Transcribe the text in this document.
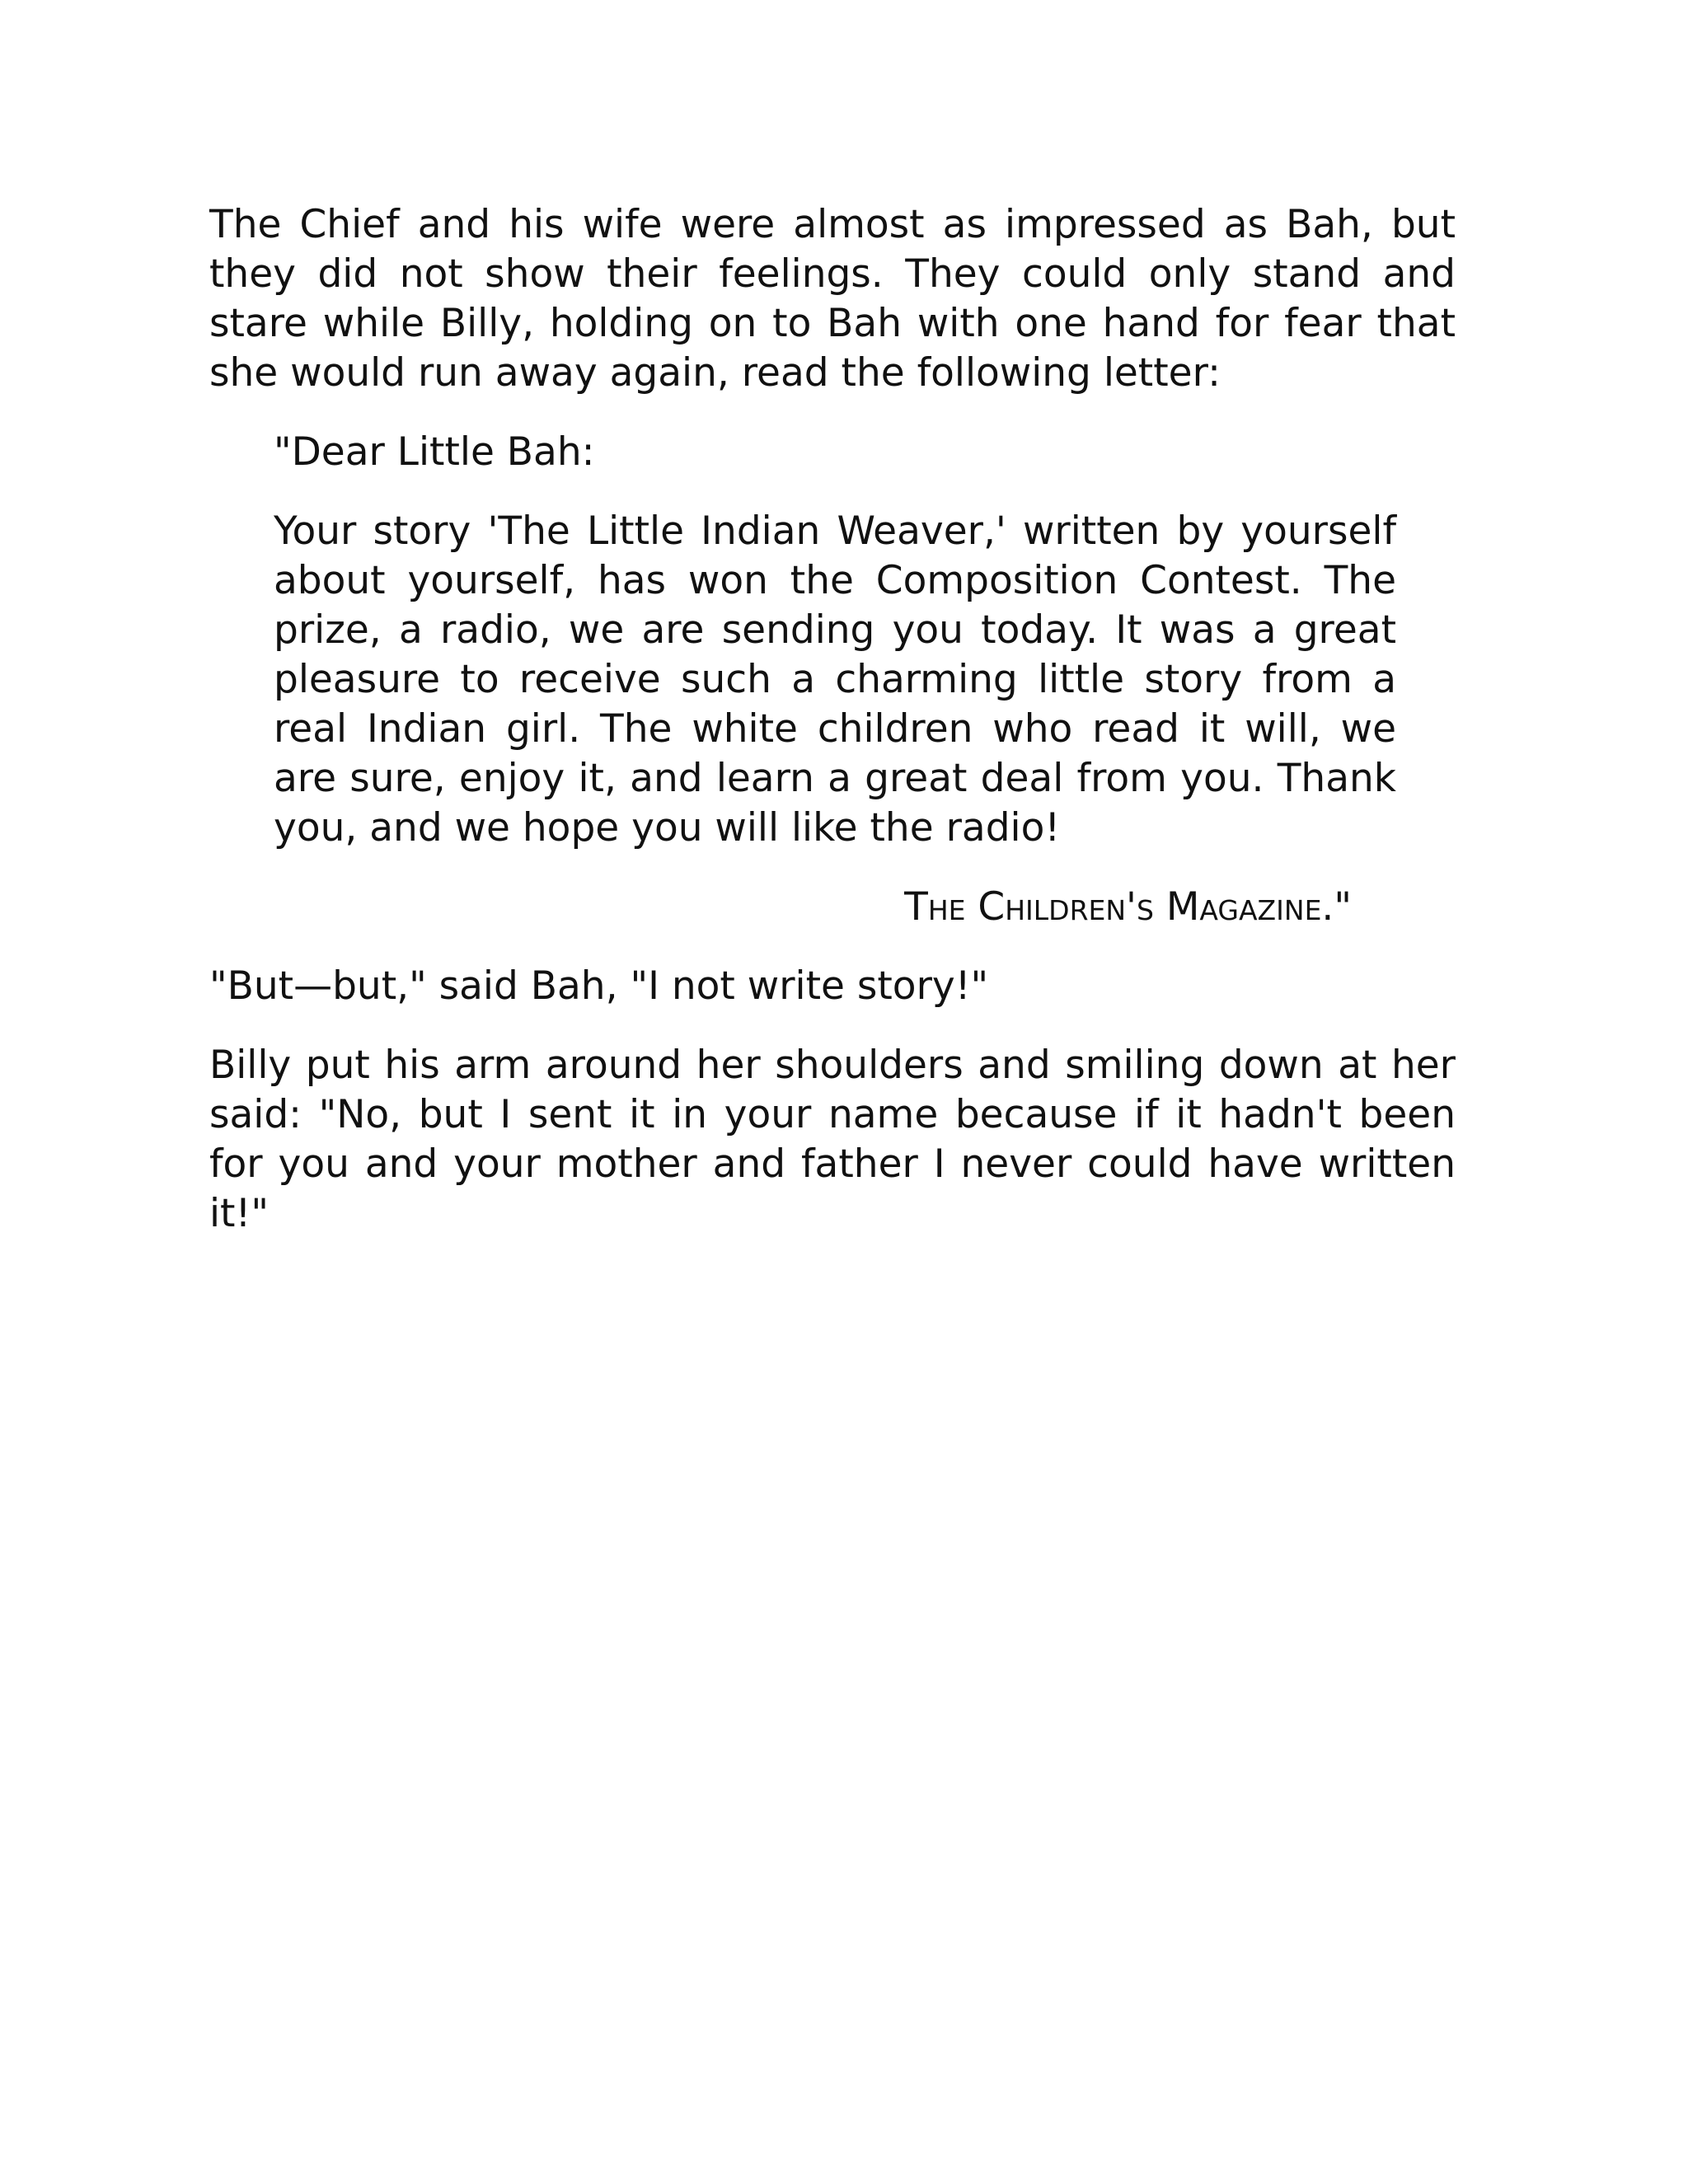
The Chief and his wife were almost as impressed as Bah, but they did not show their feelings. They could only stand and stare while Billy, holding on to Bah with one hand for fear that she would run away again, read the following letter:

"Dear Little Bah:

Your story 'The Little Indian Weaver,' written by yourself about yourself, has won the Composition Contest. The prize, a radio, we are sending you today. It was a great pleasure to receive such a charming little story from a real Indian girl. The white children who read it will, we are sure, enjoy it, and learn a great deal from you. Thank you, and we hope you will like the radio!

The Children's Magazine."

"But—but," said Bah, "I not write story!"

Billy put his arm around her shoulders and smiling down at her said: "No, but I sent it in your name because if it hadn't been for you and your mother and father I never could have written it!"
